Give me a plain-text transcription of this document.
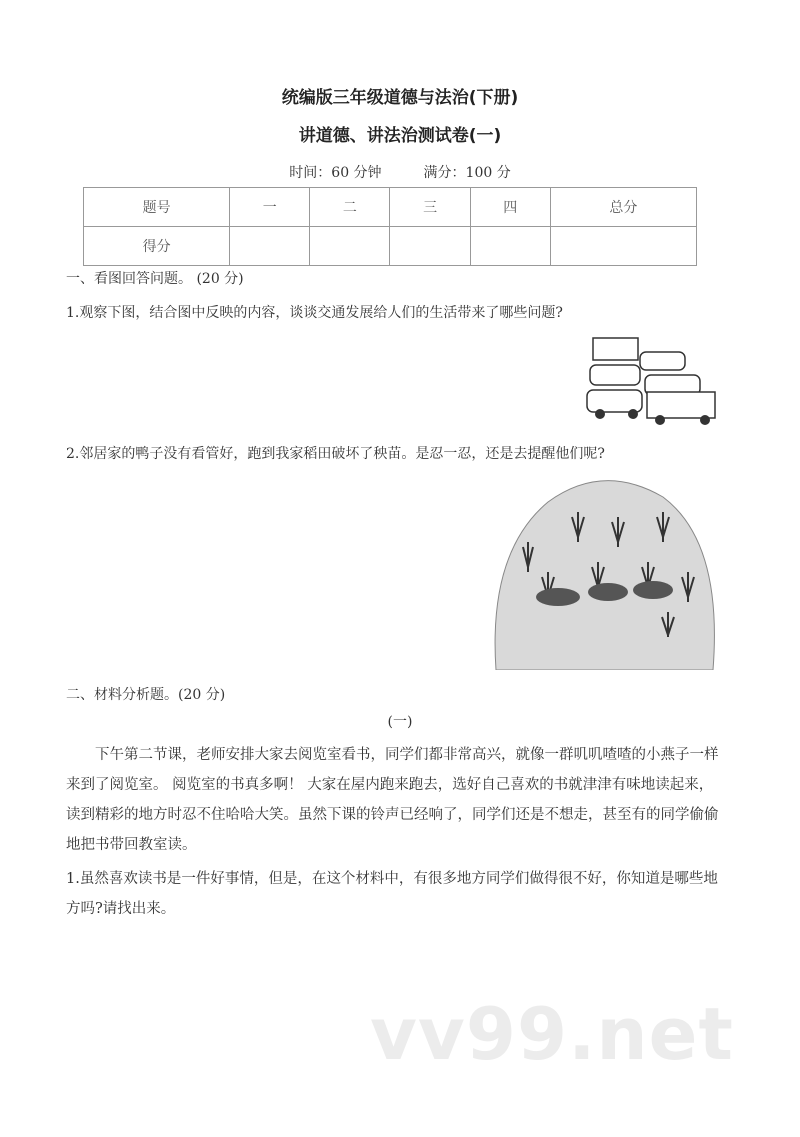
统编版三年级道德与法治(下册)
讲道德、讲法治测试卷(一)
时间：60 分钟　　　满分：100 分
题号	一	二	三	四	总分
得分					
一、看图回答问题。 (20 分)
1.观察下图，结合图中反映的内容，谈谈交通发展给人们的生活带来了哪些问题?
2.邻居家的鸭子没有看管好，跑到我家稻田破坏了秧苗。是忍一忍，还是去提醒他们呢?
二、材料分析题。(20 分)
(一)
下午第二节课，老师安排大家去阅览室看书，同学们都非常高兴，就像一群叽叽喳喳的小燕子一样来到了阅览室。 阅览室的书真多啊！ 大家在屋内跑来跑去，选好自己喜欢的书就津津有味地读起来，读到精彩的地方时忍不住哈哈大笑。虽然下课的铃声已经响了，同学们还是不想走，甚至有的同学偷偷地把书带回教室读。
1.虽然喜欢读书是一件好事情，但是，在这个材料中，有很多地方同学们做得很不好，你知道是哪些地方吗?请找出来。
vv99.net
